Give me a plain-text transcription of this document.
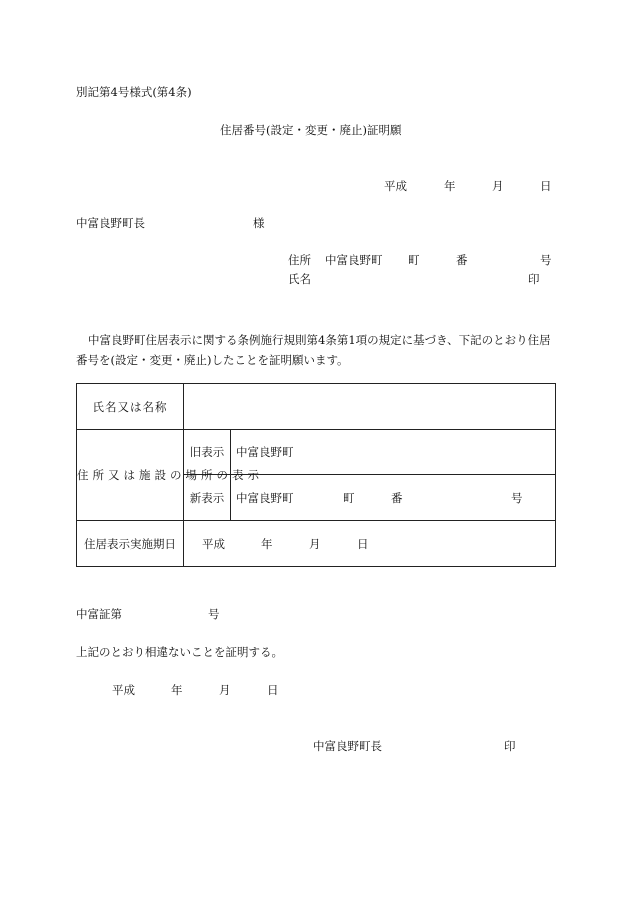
別記第4号様式(第4条)
住居番号(設定・変更・廃止)証明願
平成	年	月	日
中富良野町長	様
住所 中富良野町 町	番	号
氏名	印
中富良野町住居表示に関する条例施行規則第4条第1項の規定に基づき、下記のとおり住居番号を(設定・変更・廃止)したことを証明願います。
氏名又は名称		
住所又は施設の場所の表示	旧表示	中富良野町

	新表示	中富良野町 町 番 号

住居表示実施期日	平成 年 月 日	
中富証第	号
上記のとおり相違ないことを証明する。
平成	年	月	日
中富良野町長	印
